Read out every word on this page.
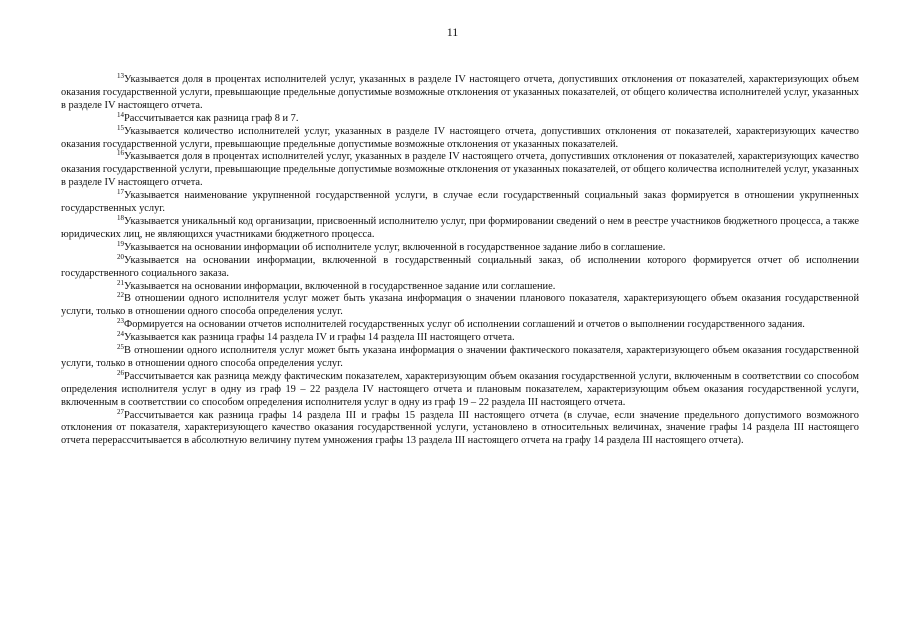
11

$^{13}$Указывается доля в процентах исполнителей услуг, указанных в разделе IV настоящего отчета, допустивших отклонения от показателей, характеризующих объем оказания государственной услуги, превышающие предельные допустимые возможные отклонения от указанных показателей, от общего количества исполнителей услуг, указанных в разделе IV настоящего отчета.

$^{14}$Рассчитывается как разница граф 8 и 7.

$^{15}$Указывается количество исполнителей услуг, указанных в разделе IV настоящего отчета, допустивших отклонения от показателей, характеризующих качество оказания государственной услуги, превышающие предельные допустимые возможные отклонения от указанных показателей.

$^{16}$Указывается доля в процентах исполнителей услуг, указанных в разделе IV настоящего отчета, допустивших отклонения от показателей, характеризующих качество оказания государственной услуги, превышающие предельные допустимые возможные отклонения от указанных показателей, от общего количества исполнителей услуг, указанных в разделе IV настоящего отчета.

$^{17}$Указывается наименование укрупненной государственной услуги, в случае если государственный социальный заказ формируется в отношении укрупненных государственных услуг.

$^{18}$Указывается уникальный код организации, присвоенный исполнителю услуг, при формировании сведений о нем в реестре участников бюджетного процесса, а также юридических лиц, не являющихся участниками бюджетного процесса.

$^{19}$Указывается на основании информации об исполнителе услуг, включенной в государственное задание либо в соглашение.

$^{20}$Указывается на основании информации, включенной в государственный социальный заказ, об исполнении которого формируется отчет об исполнении государственного социального заказа.

$^{21}$Указывается на основании информации, включенной в государственное задание или соглашение.

$^{22}$В отношении одного исполнителя услуг может быть указана информация о значении планового показателя, характеризующего объем оказания государственной услуги, только в отношении одного способа определения услуг.

$^{23}$Формируется на основании отчетов исполнителей государственных услуг об исполнении соглашений и отчетов о выполнении государственного задания.

$^{24}$Указывается как разница графы 14 раздела IV и графы 14 раздела III настоящего отчета.

$^{25}$В отношении одного исполнителя услуг может быть указана информация о значении фактического показателя, характеризующего объем оказания государственной услуги, только в отношении одного способа определения услуг.

$^{26}$Рассчитывается как разница между фактическим показателем, характеризующим объем оказания государственной услуги, включенным в соответствии со способом определения исполнителя услуг в одну из граф 19 – 22 раздела IV настоящего отчета и плановым показателем, характеризующим объем оказания государственной услуги, включенным в соответствии со способом определения исполнителя услуг в одну из граф 19 – 22 раздела III настоящего отчета.

$^{27}$Рассчитывается как разница графы 14 раздела III и графы 15 раздела III настоящего отчета (в случае, если значение предельного допустимого возможного отклонения от показателя, характеризующего качество оказания государственной услуги, установлено в относительных величинах, значение графы 14 раздела III настоящего отчета перерассчитывается в абсолютную величину путем умножения графы 13 раздела III настоящего отчета на графу 14 раздела III настоящего отчета).
